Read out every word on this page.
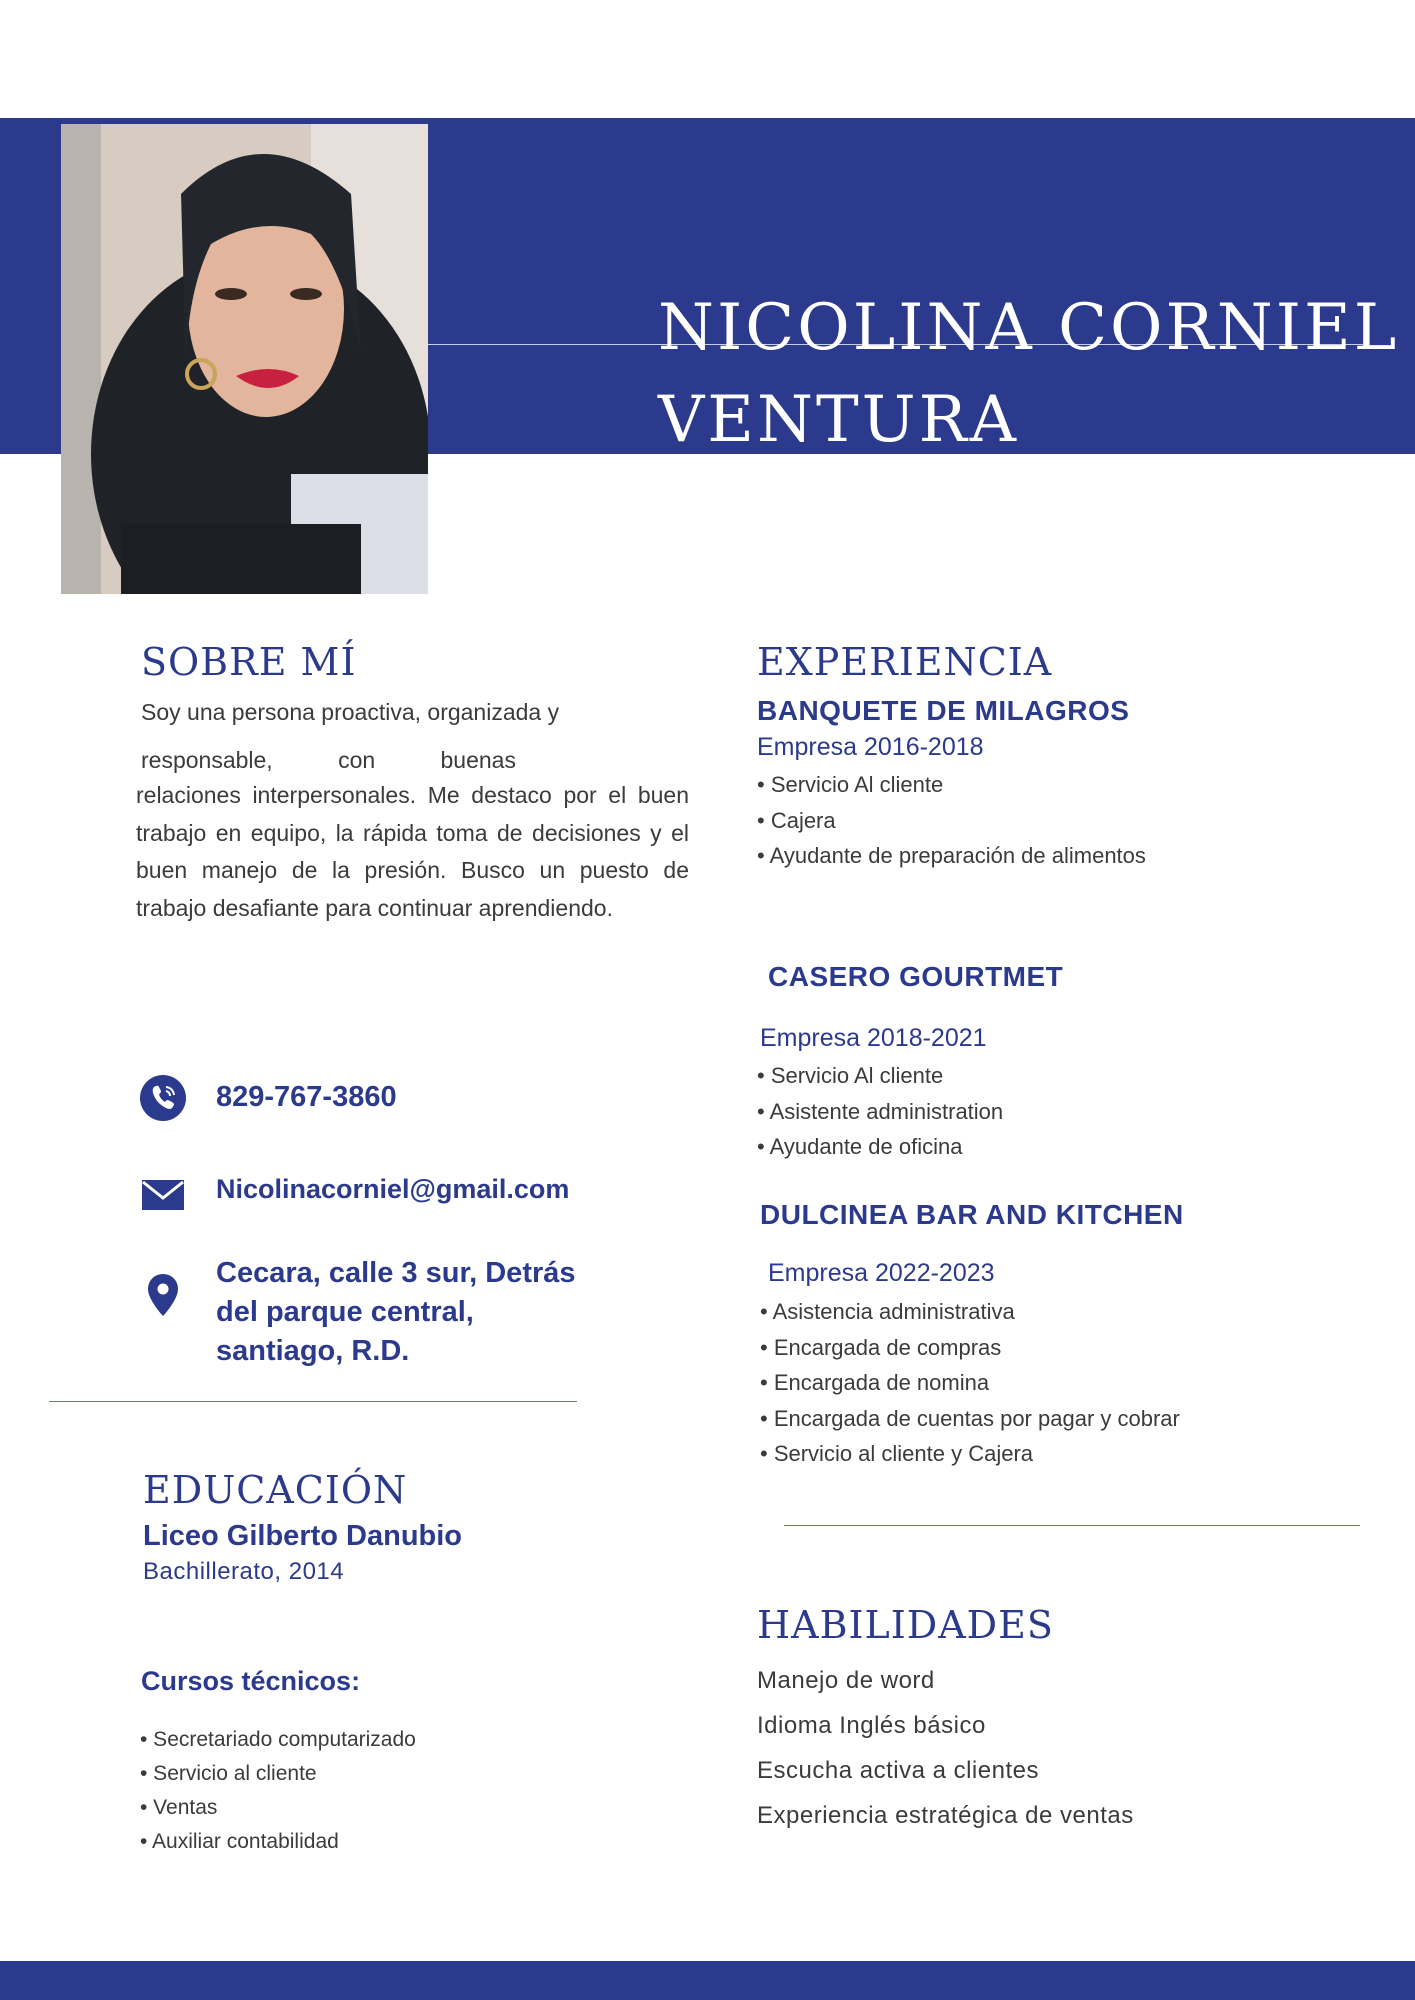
NICOLINA CORNIEL
VENTURA
SOBRE MÍ
Soy una persona proactiva, organizada y
responsable,	con	buenas
relaciones interpersonales. Me destaco por el buen trabajo en equipo, la rápida toma de decisiones y el buen manejo de la presión. Busco un puesto de trabajo desafiante para continuar aprendiendo.
829-767-3860
Nicolinacorniel@gmail.com
Cecara, calle 3 sur, Detrás
del parque central,
santiago, R.D.
EDUCACIÓN
Liceo Gilberto Danubio
Bachillerato, 2014
Cursos técnicos:
• Secretariado computarizado
• Servicio al cliente
• Ventas
• Auxiliar contabilidad
EXPERIENCIA
BANQUETE DE MILAGROS
Empresa 2016-2018
• Servicio Al cliente
• Cajera
• Ayudante de preparación de alimentos
CASERO GOURTMET
Empresa 2018-2021
• Servicio Al cliente
• Asistente administration
• Ayudante de oficina
DULCINEA BAR AND KITCHEN
Empresa 2022-2023
• Asistencia administrativa
• Encargada de compras
• Encargada de nomina
• Encargada de cuentas por pagar y cobrar
• Servicio al cliente y Cajera
HABILIDADES
Manejo de word
Idioma Inglés básico
Escucha activa a clientes
Experiencia estratégica de ventas
